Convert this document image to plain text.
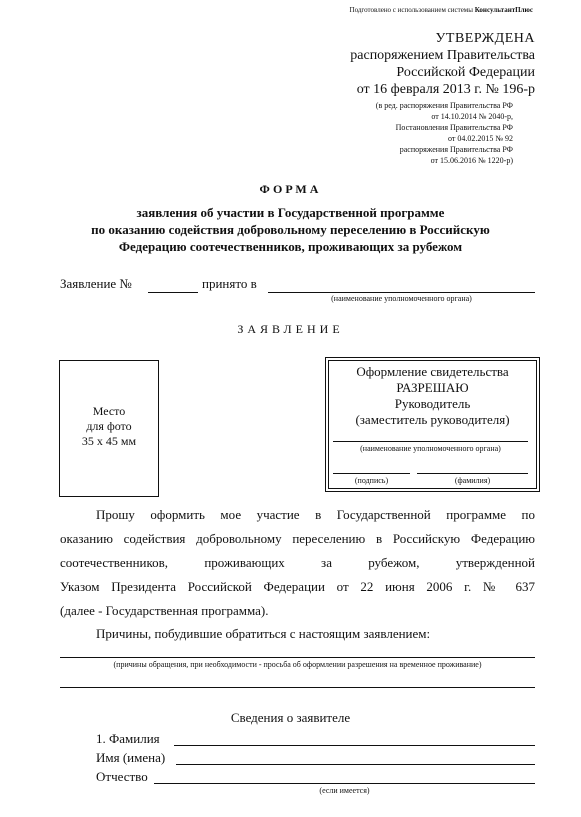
Подготовлено с использованием системы КонсультантПлюс
УТВЕРЖДЕНА
распоряжением Правительства
Российской Федерации
от 16 февраля 2013 г. № 196-р
(в ред. распоряжения Правительства РФ
от 14.10.2014 № 2040-р,
Постановления Правительства РФ
от 04.02.2015 № 92
распоряжения Правительства РФ
от 15.06.2016 № 1220-р)
ФОРМА
заявления об участии в Государственной программе
по оказанию содействия добровольному переселению в Российскую
Федерацию соотечественников, проживающих за рубежом
Заявление №	принято в
(наименование уполномоченного органа)
ЗАЯВЛЕНИЕ
Место
для фото
35 х 45 мм
Оформление свидетельства
РАЗРЕШАЮ
Руководитель
(заместитель руководителя)
(наименование уполномоченного органа)
(подпись)	(фамилия)
Прошу оформить мое участие в Государственной программе по
оказанию содействия добровольному переселению в Российскую Федерацию
соотечественников, проживающих за рубежом, утвержденной
Указом Президента Российской Федерации от 22 июня 2006 г. № 637
(далее - Государственная программа).
Причины, побудившие обратиться с настоящим заявлением:
(причины обращения, при необходимости - просьба об оформлении разрешения на временное проживание)
Сведения о заявителе
1. Фамилия
Имя (имена)
Отчество
(если имеется)
